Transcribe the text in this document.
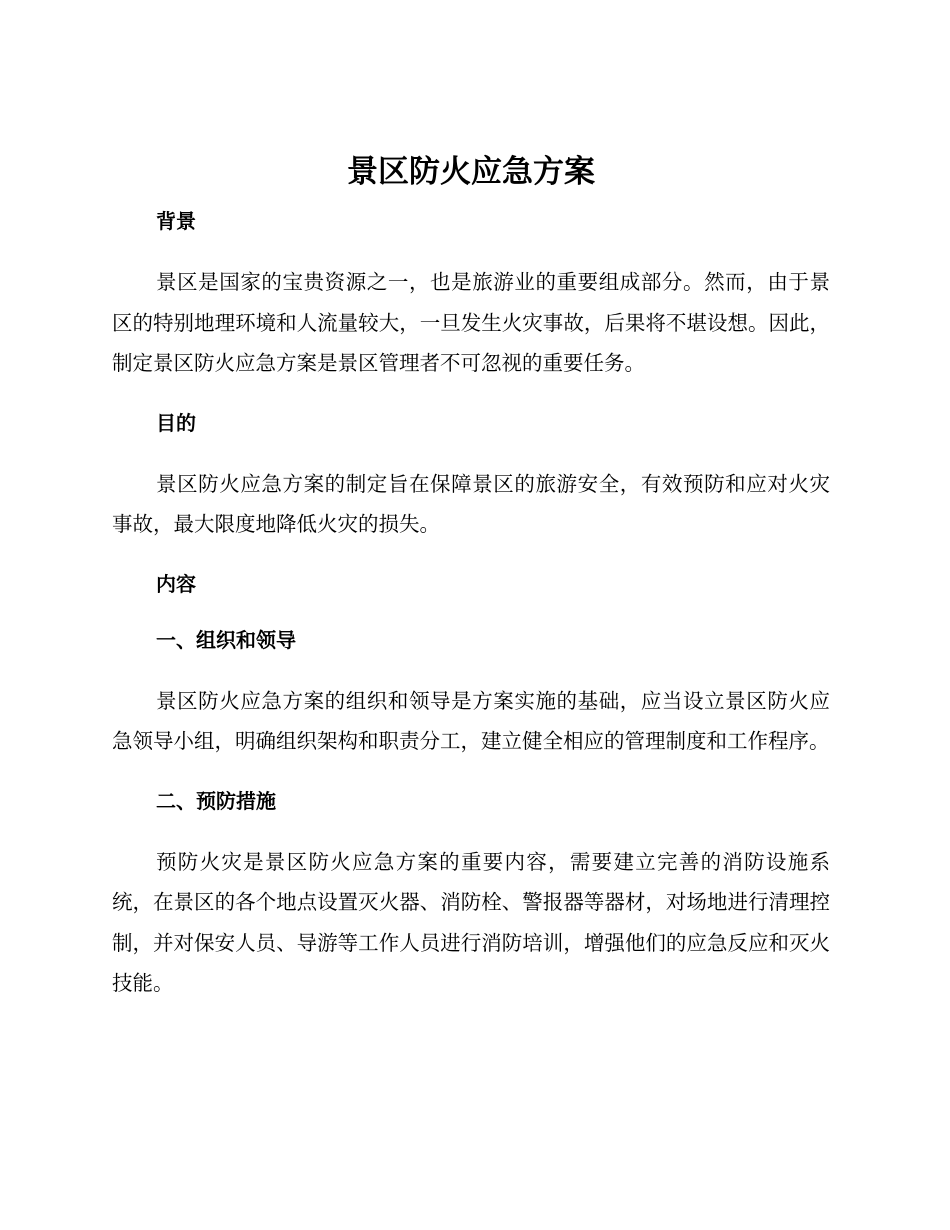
景区防火应急方案
背景
景区是国家的宝贵资源之一，也是旅游业的重要组成部分。然而，由于景区的特别地理环境和人流量较大，一旦发生火灾事故，后果将不堪设想。因此，制定景区防火应急方案是景区管理者不可忽视的重要任务。
目的
景区防火应急方案的制定旨在保障景区的旅游安全，有效预防和应对火灾事故，最大限度地降低火灾的损失。
内容
一、组织和领导
景区防火应急方案的组织和领导是方案实施的基础，应当设立景区防火应急领导小组，明确组织架构和职责分工，建立健全相应的管理制度和工作程序。
二、预防措施
预防火灾是景区防火应急方案的重要内容，需要建立完善的消防设施系统，在景区的各个地点设置灭火器、消防栓、警报器等器材，对场地进行清理控制，并对保安人员、导游等工作人员进行消防培训，增强他们的应急反应和灭火技能。
